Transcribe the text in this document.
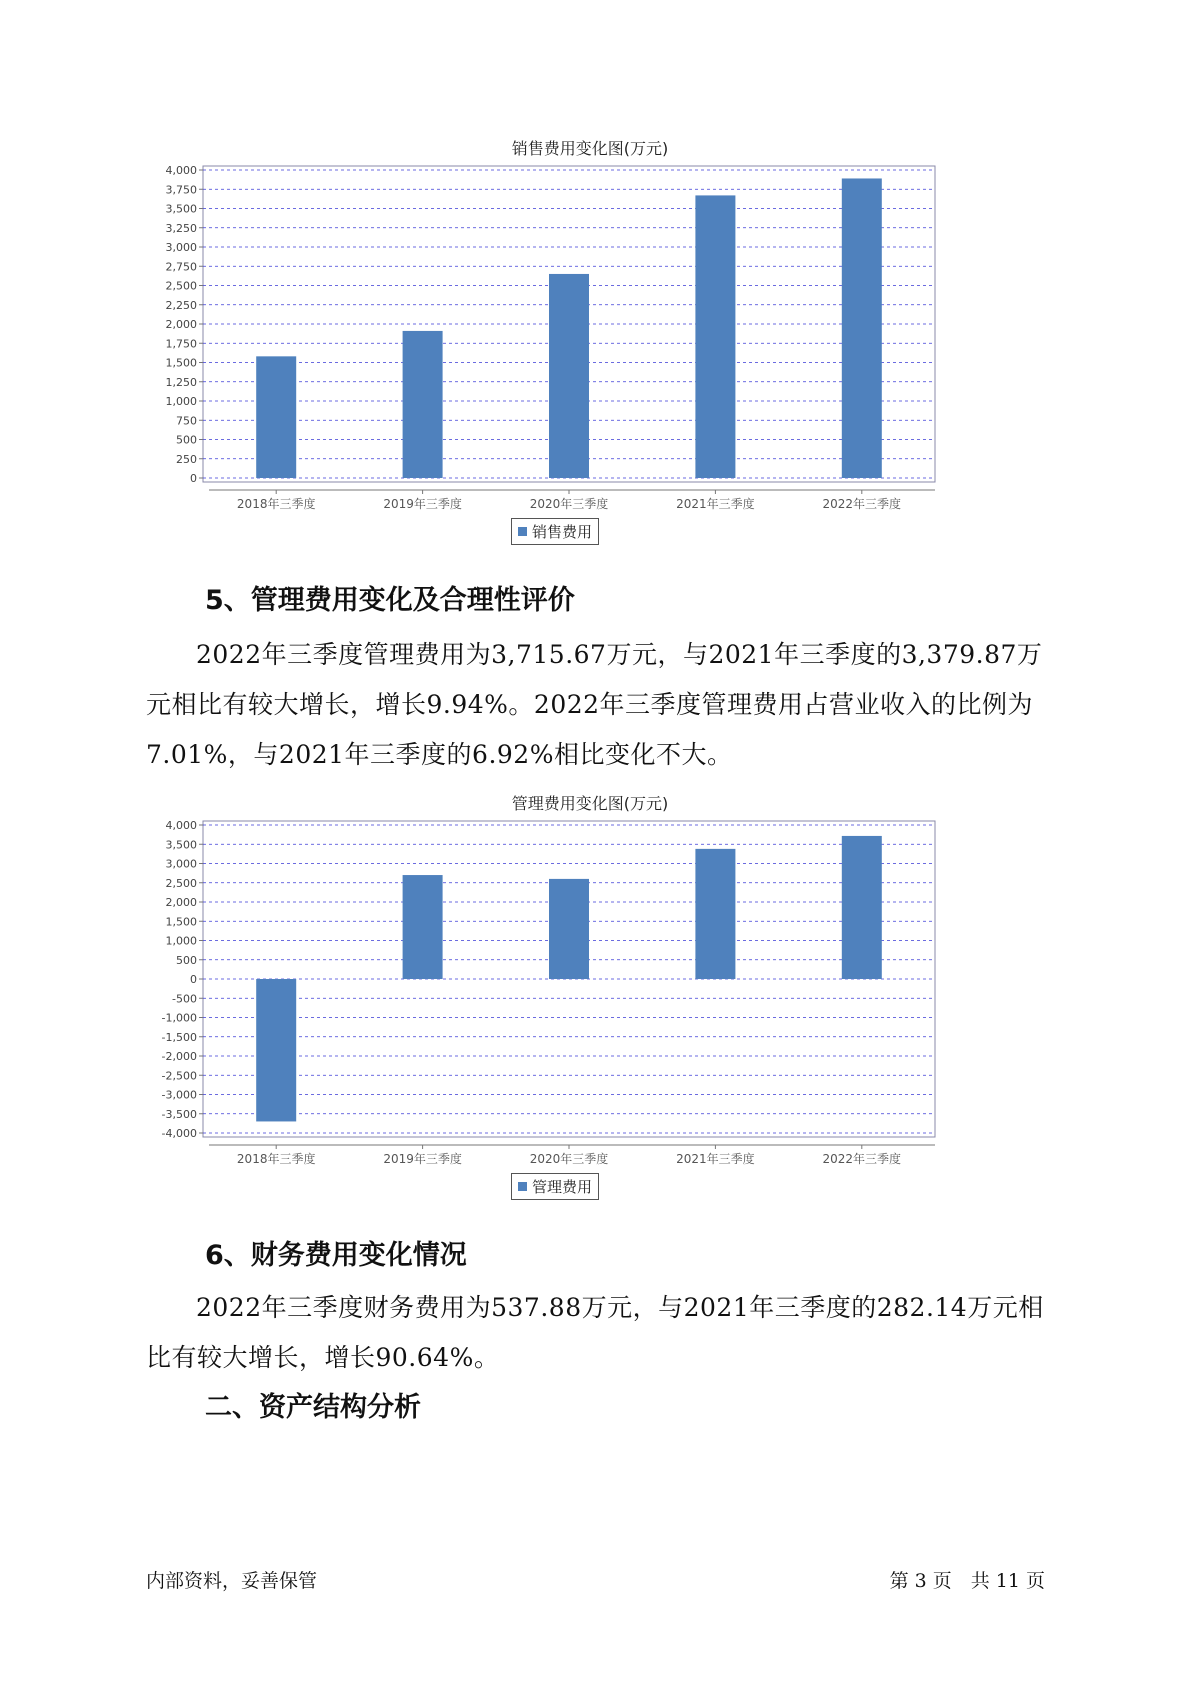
销售费用变化图(万元)
0
250
500
750
1,000
1,250
1,500
1,750
2,000
2,250
2,500
2,750
3,000
3,250
3,500
3,750
4,000
2018年三季度	2019年三季度	2020年三季度	2021年三季度	2022年三季度
销售费用
5、管理费用变化及合理性评价
2022年三季度管理费用为3,715.67万元，与2021年三季度的3,379.87万元相比有较大增长，增长9.94%。2022年三季度管理费用占营业收入的比例为7.01%，与2021年三季度的6.92%相比变化不大。
管理费用变化图(万元)
-4,000
-3,500
-3,000
-2,500
-2,000
-1,500
-1,000
-500
0
500
1,000
1,500
2,000
2,500
3,000
3,500
4,000
2018年三季度	2019年三季度	2020年三季度	2021年三季度	2022年三季度
管理费用
6、财务费用变化情况
2022年三季度财务费用为537.88万元，与2021年三季度的282.14万元相比有较大增长，增长90.64%。
二、资产结构分析
内部资料，妥善保管	第 3 页　共 11 页
